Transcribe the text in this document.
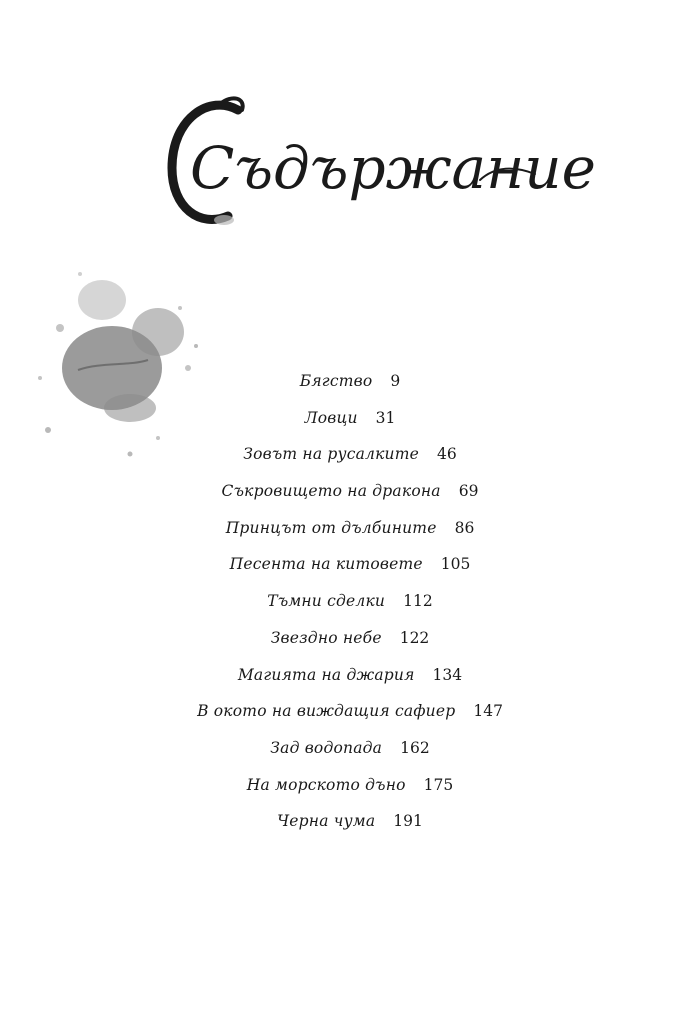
Съдържание
Бягство 9
Ловци 31
Зовът на русалките 46
Съкровището на дракона 69
Принцът от дълбините 86
Песента на китовете 105
Тъмни сделки 112
Звездно небе 122
Магията на джария 134
В окото на виждащия сафиер 147
Зад водопада 162
На морското дъно 175
Черна чума 191
